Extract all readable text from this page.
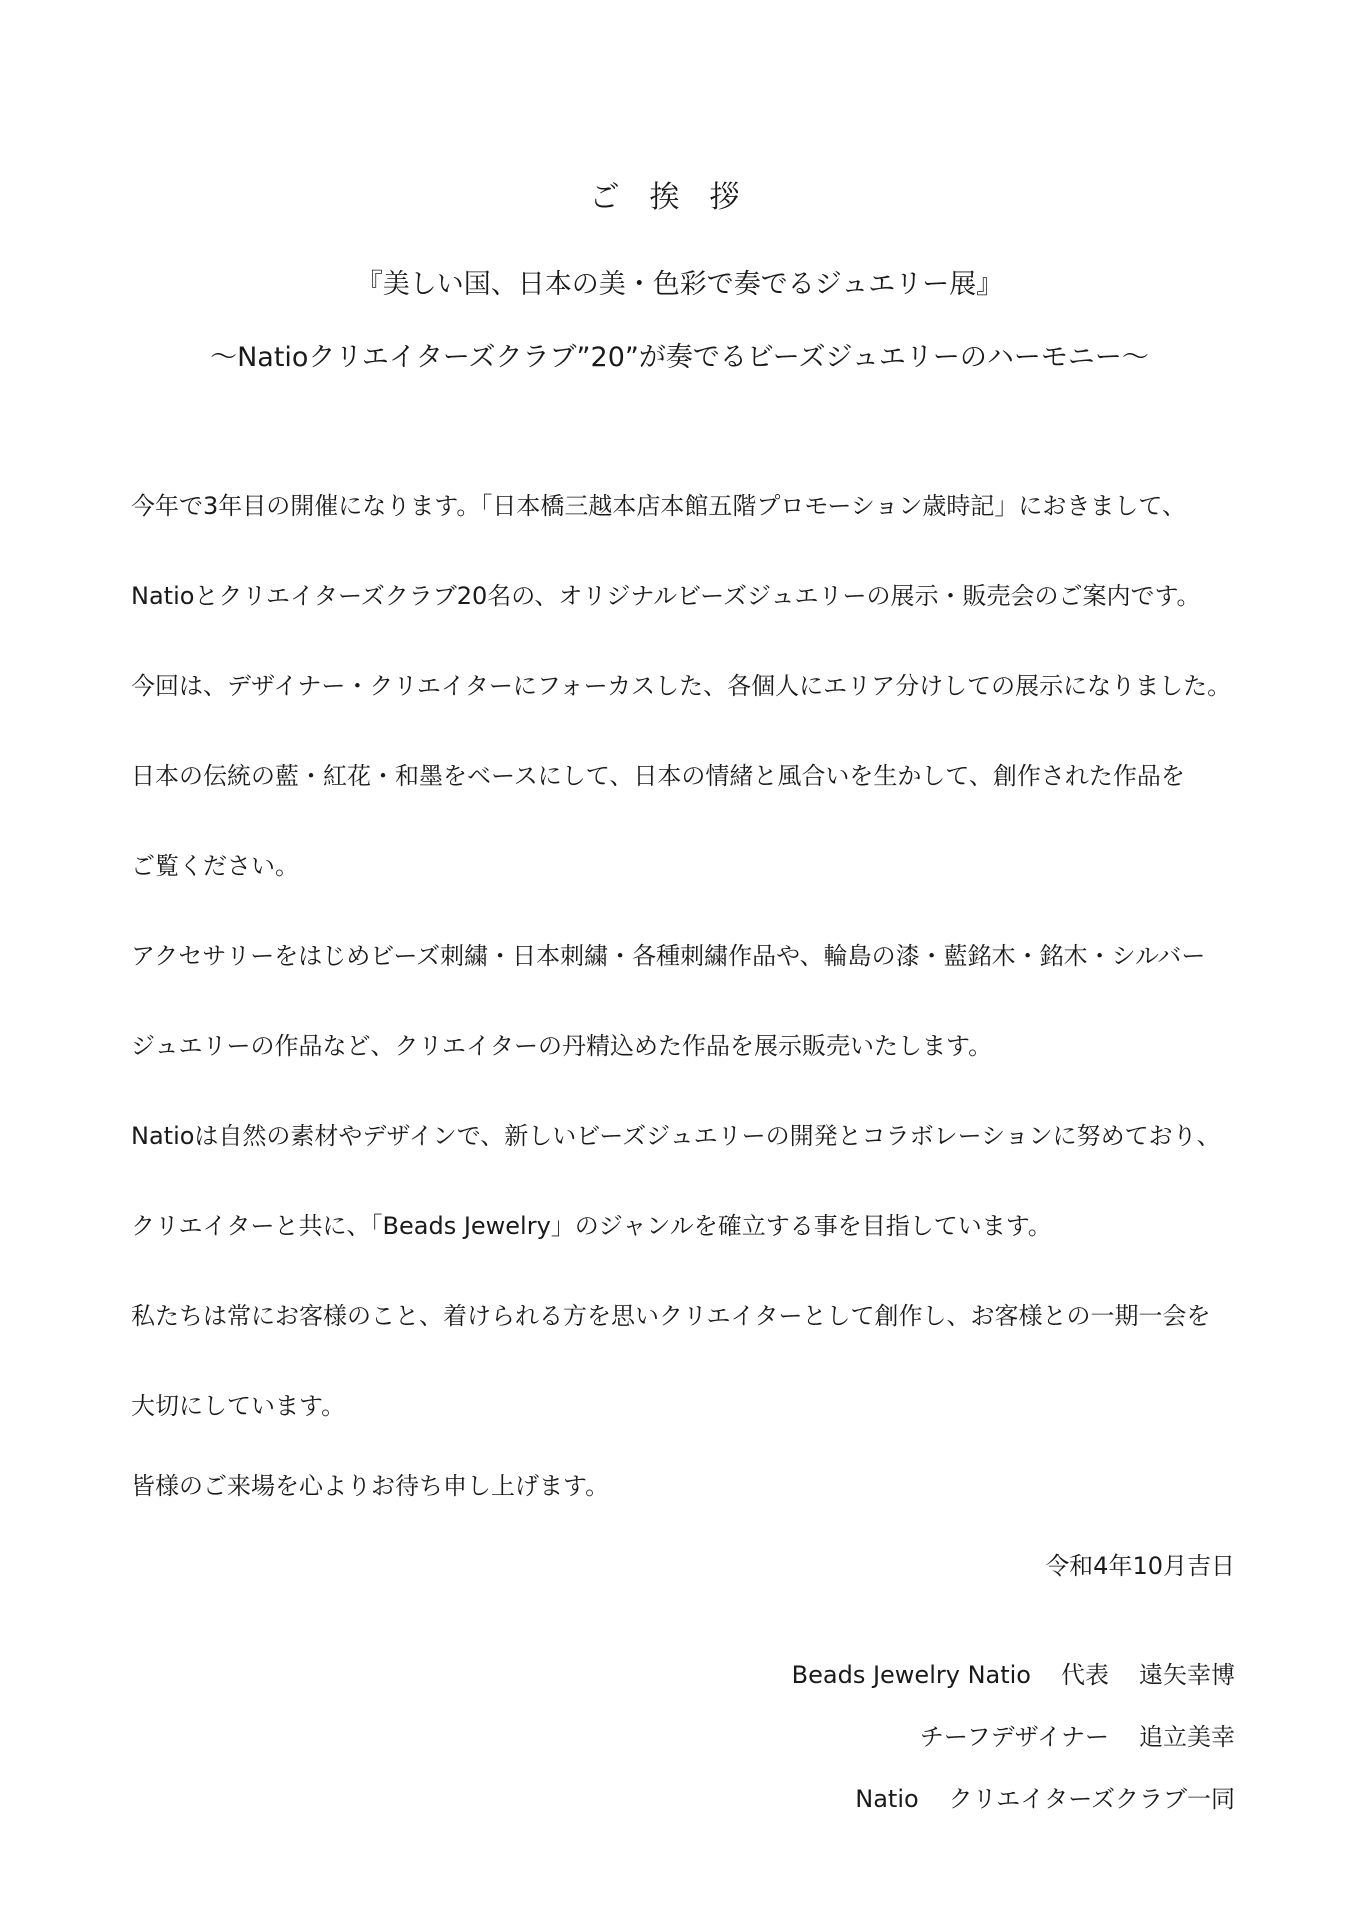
ご挨拶
『美しい国、日本の美・色彩で奏でるジュエリー展』
〜Natioクリエイターズクラブ”20”が奏でるビーズジュエリーのハーモニー〜
今年で3年目の開催になります。「日本橋三越本店本館五階プロモーション歳時記」におきまして、
Natioとクリエイターズクラブ20名の、オリジナルビーズジュエリーの展示・販売会のご案内です。
今回は、デザイナー・クリエイターにフォーカスした、各個人にエリア分けしての展示になりました。
日本の伝統の藍・紅花・和墨をベースにして、日本の情緒と風合いを生かして、創作された作品を
ご覧ください。
アクセサリーをはじめビーズ刺繍・日本刺繍・各種刺繍作品や、輪島の漆・藍銘木・銘木・シルバー
ジュエリーの作品など、クリエイターの丹精込めた作品を展示販売いたします。
Natioは自然の素材やデザインで、新しいビーズジュエリーの開発とコラボレーションに努めており、
クリエイターと共に、「Beads Jewelry」のジャンルを確立する事を目指しています。
私たちは常にお客様のこと、着けられる方を思いクリエイターとして創作し、お客様との一期一会を
大切にしています。
皆様のご来場を心よりお待ち申し上げます。
令和4年10月吉日
Beads Jewelry Natio 代表 遠矢幸博
チーフデザイナー 追立美幸
Natio クリエイターズクラブ一同
